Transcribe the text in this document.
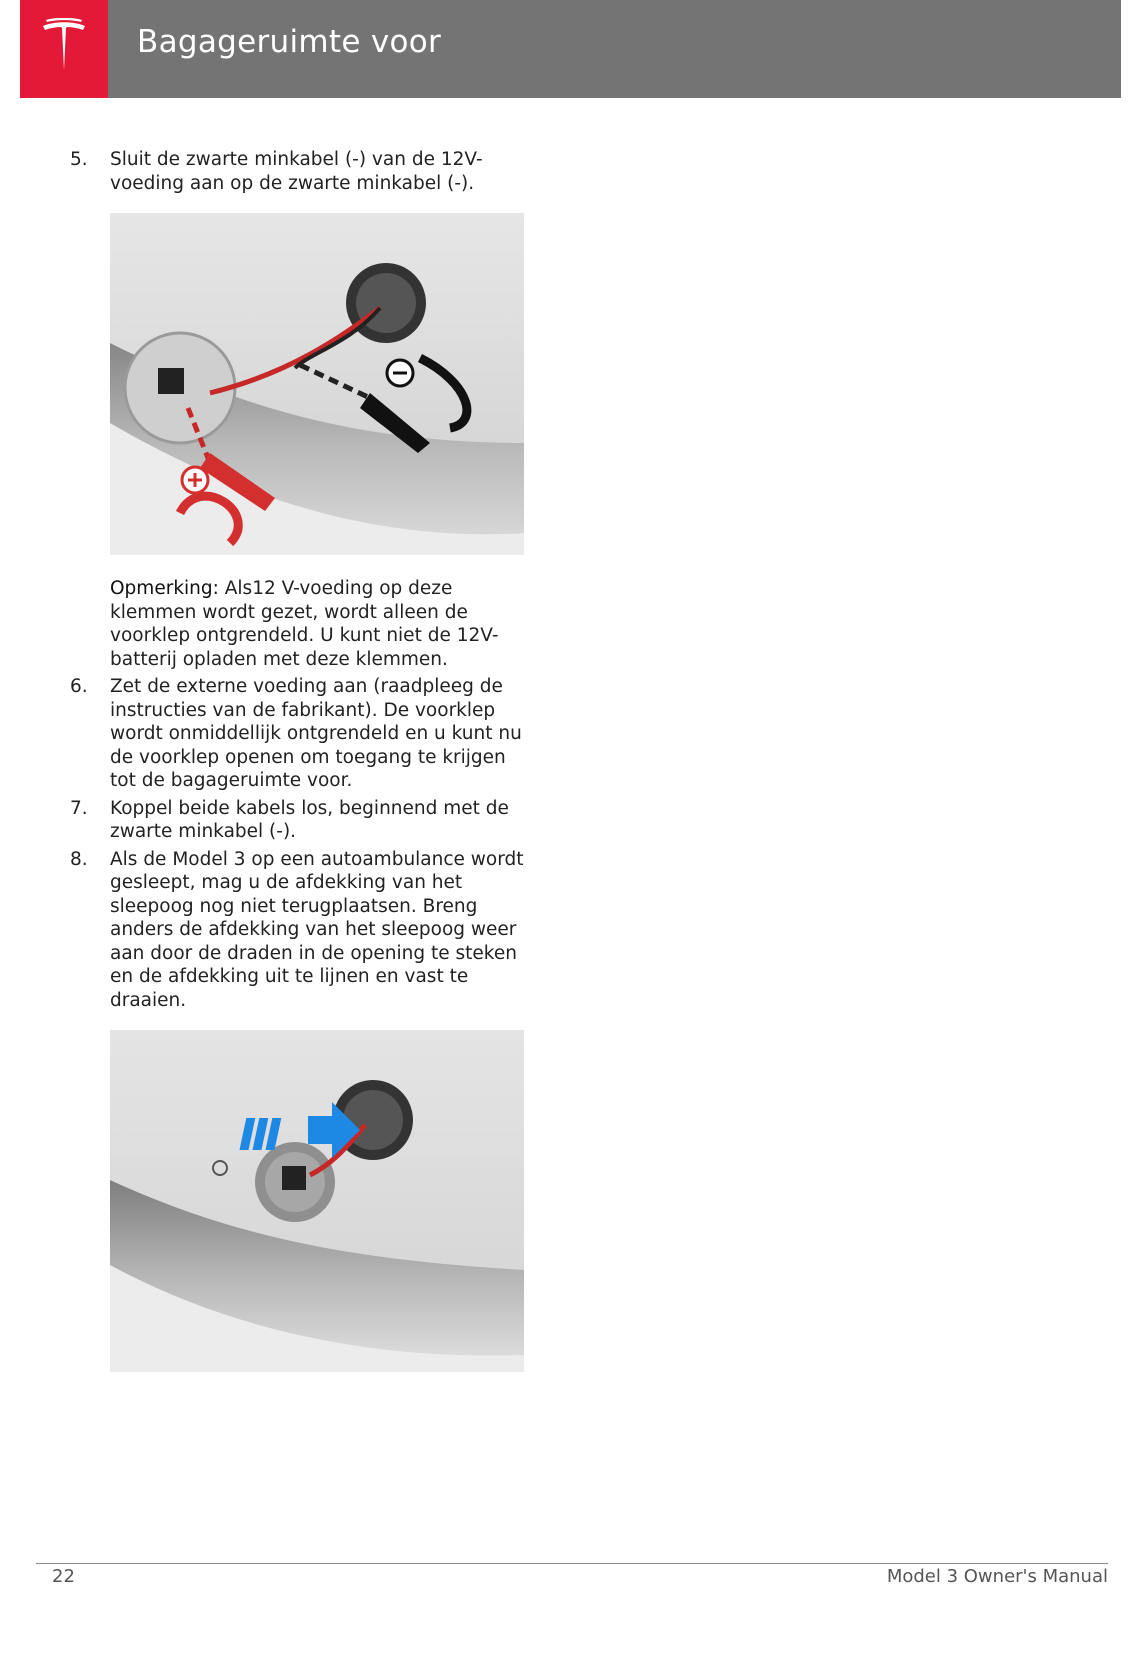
Bagageruimte voor
5.	Sluit de zwarte minkabel (-) van de 12V-voeding aan op de zwarte minkabel (-).
Opmerking: Als12 V-voeding op deze klemmen wordt gezet, wordt alleen de voorklep ontgrendeld. U kunt niet de 12V-batterij opladen met deze klemmen.
6.	Zet de externe voeding aan (raadpleeg de instructies van de fabrikant). De voorklep wordt onmiddellijk ontgrendeld en u kunt nu de voorklep openen om toegang te krijgen tot de bagageruimte voor.
7.	Koppel beide kabels los, beginnend met de zwarte minkabel (-).
8.	Als de Model 3 op een autoambulance wordt gesleept, mag u de afdekking van het sleepoog nog niet terugplaatsen. Breng anders de afdekking van het sleepoog weer aan door de draden in de opening te steken en de afdekking uit te lijnen en vast te draaien.
22	Model 3 Owner's Manual
